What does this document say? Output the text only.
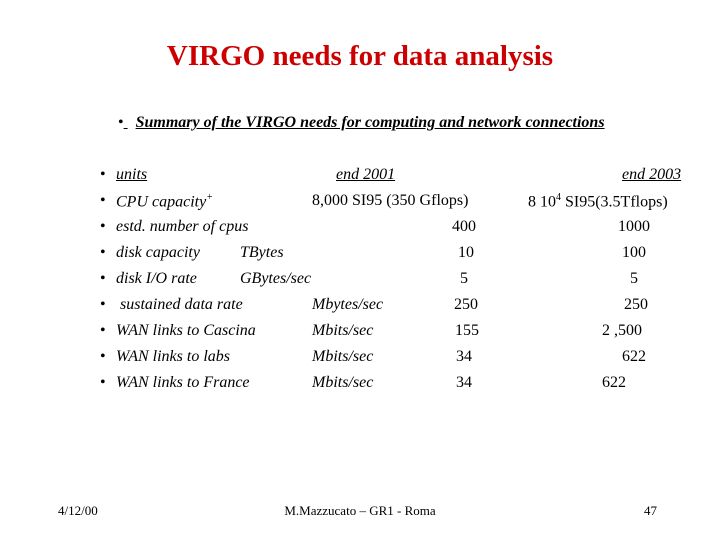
VIRGO needs for data analysis
• Summary of the VIRGO needs for computing and network connections
• units	end 2001	end 2003
• CPU capacity+	8,000 SI95 (350 Gflops)	8 $10^4$ SI95(3.5Tflops)
• estd. number of cpus	400	1000
• disk capacity	TBytes	10	100
• disk I/O rate	GBytes/sec	5	5
• sustained data rate	Mbytes/sec	250	250
• WAN links to Cascina	Mbits/sec	155	2 ,500
• WAN links to labs	Mbits/sec	34	622
• WAN links to France	Mbits/sec	34	622
4/12/00	M.Mazzucato – GR1 - Roma	47
